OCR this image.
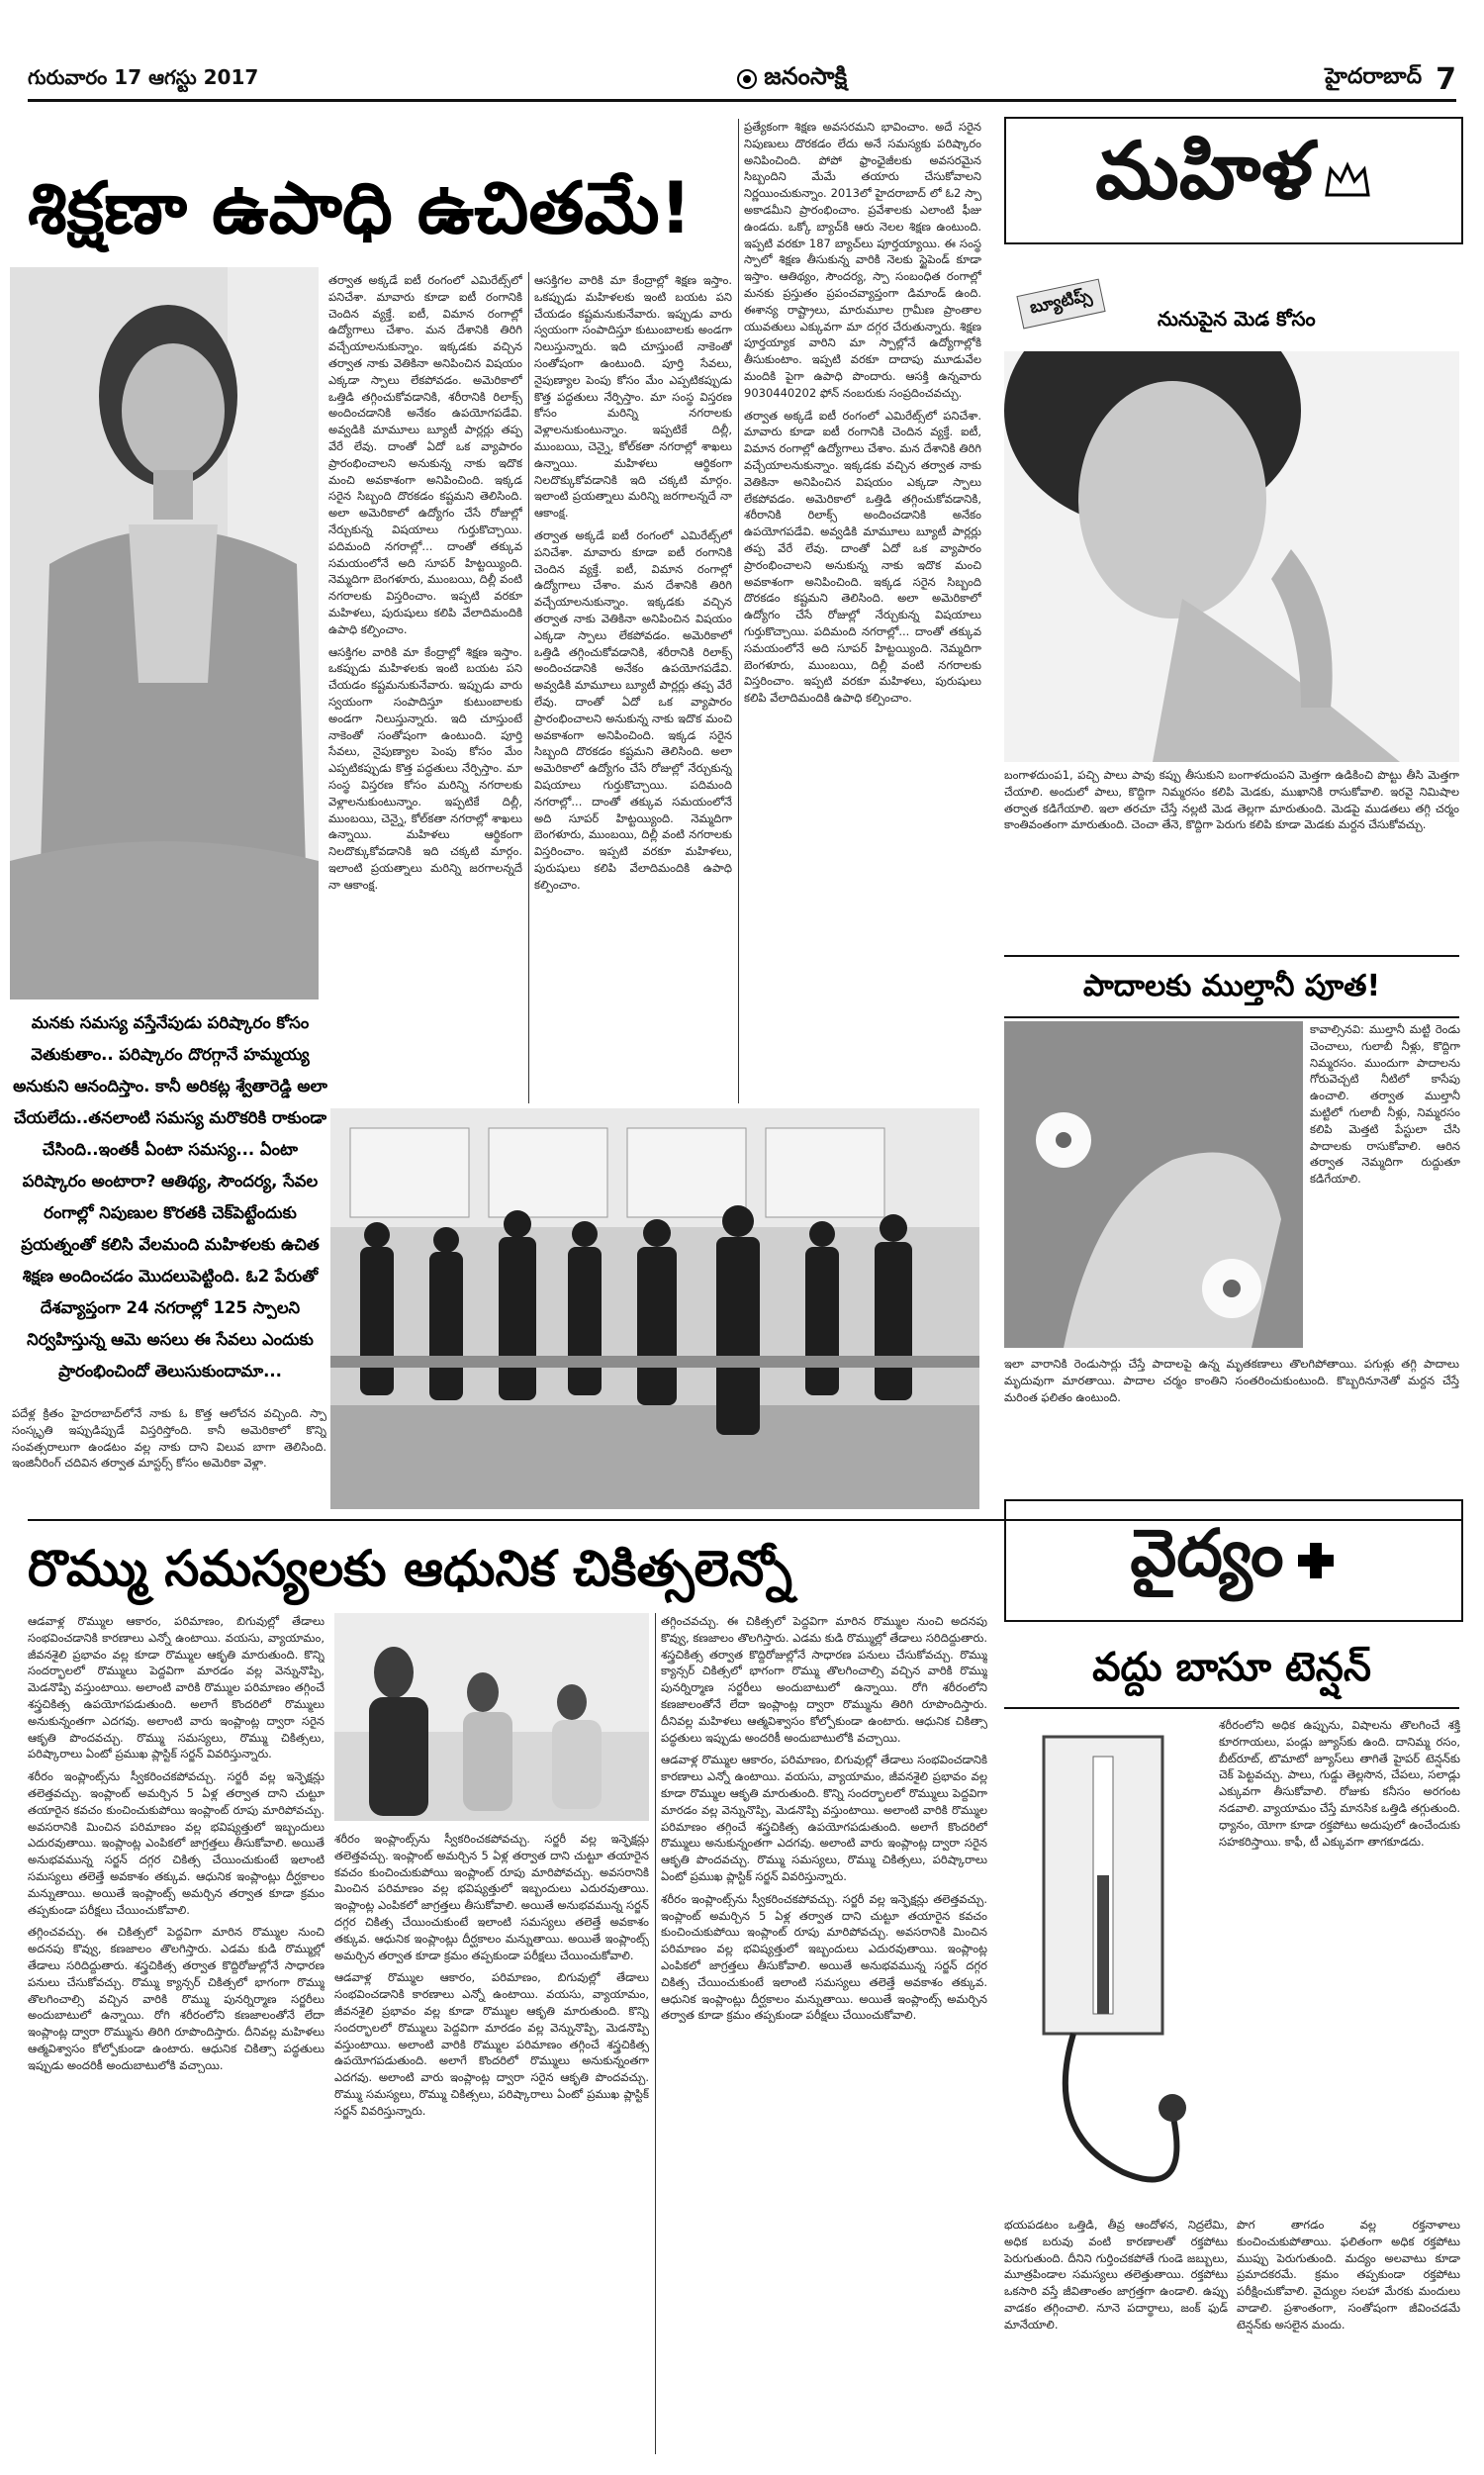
గురువారం 17 ఆగస్టు 2017	జనంసాక్షి	హైదరాబాద్ 7
శిక్షణా ఉపాధి ఉచితమే!

తర్వాత అక్కడే ఐటీ రంగంలో ఎమిరేట్స్‌లో పనిచేశా. మావారు కూడా ఐటీ రంగానికి చెందిన వ్యక్తే. ఐటీ, విమాన రంగాల్లో ఉద్యోగాలు చేశాం. మన దేశానికి తిరిగి వచ్చేయాలనుకున్నాం. ఇక్కడకు వచ్చిన తర్వాత నాకు వెతికినా అనిపించిన విషయం ఎక్కడా స్పాలు లేకపోవడం. అమెరికాలో ఒత్తిడి తగ్గించుకోవడానికి, శరీరానికి రిలాక్స్ అందించడానికి అనేకం ఉపయోగపడేవి. అవ్వడికి మామూలు బ్యూటీ పార్లర్లు తప్ప వేరే లేవు. దాంతో ఏదో ఒక వ్యాపారం ప్రారంభించాలని అనుకున్న నాకు ఇదొక మంచి అవకాశంగా అనిపించింది. ఇక్కడ సరైన సిబ్బంది దొరకడం కష్టమని తెలిసింది. అలా అమెరికాలో ఉద్యోగం చేసే రోజుల్లో నేర్చుకున్న విషయాలు గుర్తుకొచ్చాయి. పదిమంది నగరాల్లో... దాంతో తక్కువ సమయంలోనే అది సూపర్ హిట్టయ్యింది. నెమ్మదిగా బెంగళూరు, ముంబయి, దిల్లీ వంటి నగరాలకు విస్తరించాం. ఇప్పటి వరకూ మహిళలు, పురుషులు కలిపి వేలాదిమందికి ఉపాధి కల్పించాం.

ఆసక్తిగల వారికి మా కేంద్రాల్లో శిక్షణ ఇస్తాం. ఒకప్పుడు మహిళలకు ఇంటి బయట పని చేయడం కష్టమనుకునేవారు. ఇప్పుడు వారు స్వయంగా సంపాదిస్తూ కుటుంబాలకు అండగా నిలుస్తున్నారు. ఇది చూస్తుంటే నాకెంతో సంతోషంగా ఉంటుంది. పూర్తి సేవలు, నైపుణ్యాల పెంపు కోసం మేం ఎప్పటికప్పుడు కొత్త పద్ధతులు నేర్పిస్తాం. మా సంస్థ విస్తరణ కోసం మరిన్ని నగరాలకు వెళ్లాలనుకుంటున్నాం. ఇప్పటికే దిల్లీ, ముంబయి, చెన్నై, కోల్‌కతా నగరాల్లో శాఖలు ఉన్నాయి. మహిళలు ఆర్థికంగా నిలదొక్కుకోవడానికి ఇది చక్కటి మార్గం. ఇలాంటి ప్రయత్నాలు మరిన్ని జరగాలన్నదే నా ఆకాంక్ష.

ఆసక్తిగల వారికి మా కేంద్రాల్లో శిక్షణ ఇస్తాం. ఒకప్పుడు మహిళలకు ఇంటి బయట పని చేయడం కష్టమనుకునేవారు. ఇప్పుడు వారు స్వయంగా సంపాదిస్తూ కుటుంబాలకు అండగా నిలుస్తున్నారు. ఇది చూస్తుంటే నాకెంతో సంతోషంగా ఉంటుంది. పూర్తి సేవలు, నైపుణ్యాల పెంపు కోసం మేం ఎప్పటికప్పుడు కొత్త పద్ధతులు నేర్పిస్తాం. మా సంస్థ విస్తరణ కోసం మరిన్ని నగరాలకు వెళ్లాలనుకుంటున్నాం. ఇప్పటికే దిల్లీ, ముంబయి, చెన్నై, కోల్‌కతా నగరాల్లో శాఖలు ఉన్నాయి. మహిళలు ఆర్థికంగా నిలదొక్కుకోవడానికి ఇది చక్కటి మార్గం. ఇలాంటి ప్రయత్నాలు మరిన్ని జరగాలన్నదే నా ఆకాంక్ష.

తర్వాత అక్కడే ఐటీ రంగంలో ఎమిరేట్స్‌లో పనిచేశా. మావారు కూడా ఐటీ రంగానికి చెందిన వ్యక్తే. ఐటీ, విమాన రంగాల్లో ఉద్యోగాలు చేశాం. మన దేశానికి తిరిగి వచ్చేయాలనుకున్నాం. ఇక్కడకు వచ్చిన తర్వాత నాకు వెతికినా అనిపించిన విషయం ఎక్కడా స్పాలు లేకపోవడం. అమెరికాలో ఒత్తిడి తగ్గించుకోవడానికి, శరీరానికి రిలాక్స్ అందించడానికి అనేకం ఉపయోగపడేవి. అవ్వడికి మామూలు బ్యూటీ పార్లర్లు తప్ప వేరే లేవు. దాంతో ఏదో ఒక వ్యాపారం ప్రారంభించాలని అనుకున్న నాకు ఇదొక మంచి అవకాశంగా అనిపించింది. ఇక్కడ సరైన సిబ్బంది దొరకడం కష్టమని తెలిసింది. అలా అమెరికాలో ఉద్యోగం చేసే రోజుల్లో నేర్చుకున్న విషయాలు గుర్తుకొచ్చాయి. పదిమంది నగరాల్లో... దాంతో తక్కువ సమయంలోనే అది సూపర్ హిట్టయ్యింది. నెమ్మదిగా బెంగళూరు, ముంబయి, దిల్లీ వంటి నగరాలకు విస్తరించాం. ఇప్పటి వరకూ మహిళలు, పురుషులు కలిపి వేలాదిమందికి ఉపాధి కల్పించాం.

ప్రత్యేకంగా శిక్షణ అవసరమని భావించాం. అదే సరైన నిపుణులు దొరకడం లేదు అనే సమస్యకు పరిష్కారం అనిపించింది. పోపో ఫ్రాంఛైజీలకు అవసరమైన సిబ్బందిని మేమే తయారు చేసుకోవాలని నిర్ణయించుకున్నాం. 2013లో హైదరాబాద్ లో ఓ2 స్పా అకాడమీని ప్రారంభించాం. ప్రవేశాలకు ఎలాంటి ఫీజు ఉండదు. ఒక్కో బ్యాచ్‌కి ఆరు నెలల శిక్షణ ఉంటుంది. ఇప్పటి వరకూ 187 బ్యాచ్‌లు పూర్తయ్యాయి. ఈ సంస్థ స్పాలో శిక్షణ తీసుకున్న వారికి నెలకు స్టైపెండ్ కూడా ఇస్తాం. ఆతిథ్యం, సౌందర్య, స్పా సంబంధిత రంగాల్లో మనకు ప్రస్తుతం ప్రపంచవ్యాప్తంగా డిమాండ్ ఉంది. ఈశాన్య రాష్ట్రాలు, మారుమూల గ్రామీణ ప్రాంతాల యువతులు ఎక్కువగా మా దగ్గర చేరుతున్నారు. శిక్షణ పూర్తయ్యాక వారిని మా స్పాల్లోనే ఉద్యోగాల్లోకి తీసుకుంటాం. ఇప్పటి వరకూ దాదాపు మూడువేల మందికి పైగా ఉపాధి పొందారు. ఆసక్తి ఉన్నవారు 9030440202 ఫోన్ నంబరుకు సంప్రదించవచ్చు.

తర్వాత అక్కడే ఐటీ రంగంలో ఎమిరేట్స్‌లో పనిచేశా. మావారు కూడా ఐటీ రంగానికి చెందిన వ్యక్తే. ఐటీ, విమాన రంగాల్లో ఉద్యోగాలు చేశాం. మన దేశానికి తిరిగి వచ్చేయాలనుకున్నాం. ఇక్కడకు వచ్చిన తర్వాత నాకు వెతికినా అనిపించిన విషయం ఎక్కడా స్పాలు లేకపోవడం. అమెరికాలో ఒత్తిడి తగ్గించుకోవడానికి, శరీరానికి రిలాక్స్ అందించడానికి అనేకం ఉపయోగపడేవి. అవ్వడికి మామూలు బ్యూటీ పార్లర్లు తప్ప వేరే లేవు. దాంతో ఏదో ఒక వ్యాపారం ప్రారంభించాలని అనుకున్న నాకు ఇదొక మంచి అవకాశంగా అనిపించింది. ఇక్కడ సరైన సిబ్బంది దొరకడం కష్టమని తెలిసింది. అలా అమెరికాలో ఉద్యోగం చేసే రోజుల్లో నేర్చుకున్న విషయాలు గుర్తుకొచ్చాయి. పదిమంది నగరాల్లో... దాంతో తక్కువ సమయంలోనే అది సూపర్ హిట్టయ్యింది. నెమ్మదిగా బెంగళూరు, ముంబయి, దిల్లీ వంటి నగరాలకు విస్తరించాం. ఇప్పటి వరకూ మహిళలు, పురుషులు కలిపి వేలాదిమందికి ఉపాధి కల్పించాం.

మనకు సమస్య వస్తేనేపుడు పరిష్కారం కోసం వెతుకుతాం.. పరిష్కారం దొరగ్గానే హమ్మయ్య అనుకుని ఆనందిస్తాం. కానీ అరికట్ల శ్వేతారెడ్డి అలా చేయలేదు..తనలాంటి సమస్య మరొకరికి రాకుండా చేసింది..ఇంతకీ ఏంటా సమస్య... ఏంటా పరిష్కారం అంటారా? ఆతిథ్య, సౌందర్య, సేవల రంగాల్లో నిపుణుల కొరతకి చెక్‌పెట్టేందుకు ప్రయత్నంతో కలిసి వేలమంది మహిళలకు ఉచిత శిక్షణ అందించడం మొదలుపెట్టింది. ఓ2 పేరుతో దేశవ్యాప్తంగా 24 నగరాల్లో 125 స్పాలని నిర్వహిస్తున్న ఆమె అసలు ఈ సేవలు ఎందుకు ప్రారంభించిందో తెలుసుకుందామా...
పదేళ్ల క్రితం హైదరాబాద్‌లోనే నాకు ఓ కొత్త ఆలోచన వచ్చింది. స్పా సంస్కృతి ఇప్పుడిప్పుడే విస్తరిస్తోంది. కానీ అమెరికాలో కొన్ని సంవత్సరాలుగా ఉండటం వల్ల నాకు దాని విలువ బాగా తెలిసింది. ఇంజినీరింగ్ చదివిన తర్వాత మాస్టర్స్ కోసం అమెరికా వెళ్లా.
మహిళ
బ్యూటిప్స్
నునుపైన మెడ కోసం
బంగాళదుంప1, పచ్చి పాలు పావు కప్పు తీసుకుని బంగాళదుంపని మెత్తగా ఉడికించి పొట్టు తీసి మెత్తగా చేయాలి. అందులో పాలు, కొద్దిగా నిమ్మరసం కలిపి మెడకు, ముఖానికి రాసుకోవాలి. ఇరవై నిమిషాల తర్వాత కడిగేయాలి. ఇలా తరచూ చేస్తే నల్లటి మెడ తెల్లగా మారుతుంది. మెడపై ముడతలు తగ్గి చర్మం కాంతివంతంగా మారుతుంది. చెంచా తేనె, కొద్దిగా పెరుగు కలిపి కూడా మెడకు మర్దన చేసుకోవచ్చు.
పాదాలకు ముల్తానీ పూత!
కావాల్సినవి: ముల్తానీ మట్టి రెండు చెంచాలు, గులాబీ నీళ్లు, కొద్దిగా నిమ్మరసం. ముందుగా పాదాలను గోరువెచ్చటి నీటిలో కాసేపు ఉంచాలి. తర్వాత ముల్తానీ మట్టిలో గులాబీ నీళ్లు, నిమ్మరసం కలిపి మెత్తటి పేస్టులా చేసి పాదాలకు రాసుకోవాలి. ఆరిన తర్వాత నెమ్మదిగా రుద్దుతూ కడిగేయాలి.
ఇలా వారానికి రెండుసార్లు చేస్తే పాదాలపై ఉన్న మృతకణాలు తొలగిపోతాయి. పగుళ్లు తగ్గి పాదాలు మృదువుగా మారతాయి. పాదాల చర్మం కాంతిని సంతరించుకుంటుంది. కొబ్బరినూనెతో మర్దన చేస్తే మరింత ఫలితం ఉంటుంది.
రొమ్ము సమస్యలకు ఆధునిక చికిత్సలెన్నో

ఆడవాళ్ల రొమ్ముల ఆకారం, పరిమాణం, బిగువుల్లో తేడాలు సంభవించడానికి కారణాలు ఎన్నో ఉంటాయి. వయసు, వ్యాయామం, జీవనశైలి ప్రభావం వల్ల కూడా రొమ్ముల ఆకృతి మారుతుంది. కొన్ని సందర్భాలలో రొమ్ములు పెద్దవిగా మారడం వల్ల వెన్నునొప్పి, మెడనొప్పి వస్తుంటాయి. అలాంటి వారికి రొమ్ముల పరిమాణం తగ్గించే శస్త్రచికిత్స ఉపయోగపడుతుంది. అలాగే కొందరిలో రొమ్ములు అనుకున్నంతగా ఎదగవు. అలాంటి వారు ఇంప్లాంట్ల ద్వారా సరైన ఆకృతి పొందవచ్చు. రొమ్ము సమస్యలు, రొమ్ము చికిత్సలు, పరిష్కారాలు ఏంటో ప్రముఖ ప్లాస్టిక్ సర్జన్ వివరిస్తున్నారు.

శరీరం ఇంప్లాంట్స్‌ను స్వీకరించకపోవచ్చు. సర్జరీ వల్ల ఇన్ఫెక్షన్లు తలెత్తవచ్చు. ఇంప్లాంట్ అమర్చిన 5 ఏళ్ల తర్వాత దాని చుట్టూ తయారైన కవచం కుంచించుకుపోయి ఇంప్లాంట్ రూపు మారిపోవచ్చు. అవసరానికి మించిన పరిమాణం వల్ల భవిష్యత్తులో ఇబ్బందులు ఎదురవుతాయి. ఇంప్లాంట్ల ఎంపికలో జాగ్రత్తలు తీసుకోవాలి. అయితే అనుభవమున్న సర్జన్ దగ్గర చికిత్స చేయించుకుంటే ఇలాంటి సమస్యలు తలెత్తే అవకాశం తక్కువ. ఆధునిక ఇంప్లాంట్లు దీర్ఘకాలం మన్నుతాయి. అయితే ఇంప్లాంట్స్ అమర్చిన తర్వాత కూడా క్రమం తప్పకుండా పరీక్షలు చేయించుకోవాలి.

తగ్గించవచ్చు. ఈ చికిత్సలో పెద్దవిగా మారిన రొమ్ముల నుంచి అదనపు కొవ్వు, కణజాలం తొలగిస్తారు. ఎడమ కుడి రొమ్ముల్లో తేడాలు సరిదిద్దుతారు. శస్త్రచికిత్స తర్వాత కొద్దిరోజుల్లోనే సాధారణ పనులు చేసుకోవచ్చు. రొమ్ము క్యాన్సర్ చికిత్సలో భాగంగా రొమ్ము తొలగించాల్సి వచ్చిన వారికి రొమ్ము పునర్నిర్మాణ సర్జరీలు అందుబాటులో ఉన్నాయి. రోగి శరీరంలోని కణజాలంతోనే లేదా ఇంప్లాంట్ల ద్వారా రొమ్మును తిరిగి రూపొందిస్తారు. దీనివల్ల మహిళలు ఆత్మవిశ్వాసం కోల్పోకుండా ఉంటారు. ఆధునిక చికిత్సా పద్ధతులు ఇప్పుడు అందరికీ అందుబాటులోకి వచ్చాయి.

శరీరం ఇంప్లాంట్స్‌ను స్వీకరించకపోవచ్చు. సర్జరీ వల్ల ఇన్ఫెక్షన్లు తలెత్తవచ్చు. ఇంప్లాంట్ అమర్చిన 5 ఏళ్ల తర్వాత దాని చుట్టూ తయారైన కవచం కుంచించుకుపోయి ఇంప్లాంట్ రూపు మారిపోవచ్చు. అవసరానికి మించిన పరిమాణం వల్ల భవిష్యత్తులో ఇబ్బందులు ఎదురవుతాయి. ఇంప్లాంట్ల ఎంపికలో జాగ్రత్తలు తీసుకోవాలి. అయితే అనుభవమున్న సర్జన్ దగ్గర చికిత్స చేయించుకుంటే ఇలాంటి సమస్యలు తలెత్తే అవకాశం తక్కువ. ఆధునిక ఇంప్లాంట్లు దీర్ఘకాలం మన్నుతాయి. అయితే ఇంప్లాంట్స్ అమర్చిన తర్వాత కూడా క్రమం తప్పకుండా పరీక్షలు చేయించుకోవాలి.

ఆడవాళ్ల రొమ్ముల ఆకారం, పరిమాణం, బిగువుల్లో తేడాలు సంభవించడానికి కారణాలు ఎన్నో ఉంటాయి. వయసు, వ్యాయామం, జీవనశైలి ప్రభావం వల్ల కూడా రొమ్ముల ఆకృతి మారుతుంది. కొన్ని సందర్భాలలో రొమ్ములు పెద్దవిగా మారడం వల్ల వెన్నునొప్పి, మెడనొప్పి వస్తుంటాయి. అలాంటి వారికి రొమ్ముల పరిమాణం తగ్గించే శస్త్రచికిత్స ఉపయోగపడుతుంది. అలాగే కొందరిలో రొమ్ములు అనుకున్నంతగా ఎదగవు. అలాంటి వారు ఇంప్లాంట్ల ద్వారా సరైన ఆకృతి పొందవచ్చు. రొమ్ము సమస్యలు, రొమ్ము చికిత్సలు, పరిష్కారాలు ఏంటో ప్రముఖ ప్లాస్టిక్ సర్జన్ వివరిస్తున్నారు.

తగ్గించవచ్చు. ఈ చికిత్సలో పెద్దవిగా మారిన రొమ్ముల నుంచి అదనపు కొవ్వు, కణజాలం తొలగిస్తారు. ఎడమ కుడి రొమ్ముల్లో తేడాలు సరిదిద్దుతారు. శస్త్రచికిత్స తర్వాత కొద్దిరోజుల్లోనే సాధారణ పనులు చేసుకోవచ్చు. రొమ్ము క్యాన్సర్ చికిత్సలో భాగంగా రొమ్ము తొలగించాల్సి వచ్చిన వారికి రొమ్ము పునర్నిర్మాణ సర్జరీలు అందుబాటులో ఉన్నాయి. రోగి శరీరంలోని కణజాలంతోనే లేదా ఇంప్లాంట్ల ద్వారా రొమ్మును తిరిగి రూపొందిస్తారు. దీనివల్ల మహిళలు ఆత్మవిశ్వాసం కోల్పోకుండా ఉంటారు. ఆధునిక చికిత్సా పద్ధతులు ఇప్పుడు అందరికీ అందుబాటులోకి వచ్చాయి.

ఆడవాళ్ల రొమ్ముల ఆకారం, పరిమాణం, బిగువుల్లో తేడాలు సంభవించడానికి కారణాలు ఎన్నో ఉంటాయి. వయసు, వ్యాయామం, జీవనశైలి ప్రభావం వల్ల కూడా రొమ్ముల ఆకృతి మారుతుంది. కొన్ని సందర్భాలలో రొమ్ములు పెద్దవిగా మారడం వల్ల వెన్నునొప్పి, మెడనొప్పి వస్తుంటాయి. అలాంటి వారికి రొమ్ముల పరిమాణం తగ్గించే శస్త్రచికిత్స ఉపయోగపడుతుంది. అలాగే కొందరిలో రొమ్ములు అనుకున్నంతగా ఎదగవు. అలాంటి వారు ఇంప్లాంట్ల ద్వారా సరైన ఆకృతి పొందవచ్చు. రొమ్ము సమస్యలు, రొమ్ము చికిత్సలు, పరిష్కారాలు ఏంటో ప్రముఖ ప్లాస్టిక్ సర్జన్ వివరిస్తున్నారు.

శరీరం ఇంప్లాంట్స్‌ను స్వీకరించకపోవచ్చు. సర్జరీ వల్ల ఇన్ఫెక్షన్లు తలెత్తవచ్చు. ఇంప్లాంట్ అమర్చిన 5 ఏళ్ల తర్వాత దాని చుట్టూ తయారైన కవచం కుంచించుకుపోయి ఇంప్లాంట్ రూపు మారిపోవచ్చు. అవసరానికి మించిన పరిమాణం వల్ల భవిష్యత్తులో ఇబ్బందులు ఎదురవుతాయి. ఇంప్లాంట్ల ఎంపికలో జాగ్రత్తలు తీసుకోవాలి. అయితే అనుభవమున్న సర్జన్ దగ్గర చికిత్స చేయించుకుంటే ఇలాంటి సమస్యలు తలెత్తే అవకాశం తక్కువ. ఆధునిక ఇంప్లాంట్లు దీర్ఘకాలం మన్నుతాయి. అయితే ఇంప్లాంట్స్ అమర్చిన తర్వాత కూడా క్రమం తప్పకుండా పరీక్షలు చేయించుకోవాలి.

వైద్యం
వద్దు బాసూ టెన్షన్
శరీరంలోని అధిక ఉప్పును, విషాలను తొలగించే శక్తి కూరగాయలు, పండ్లు జ్యూస్‌కు ఉంది. దానిమ్మ రసం, బీట్‌రూట్, టొమాటో జ్యూస్‌లు తాగితే హైపర్ టెన్షన్‌కు చెక్ పెట్టవచ్చు. పాలు, గుడ్డు తెల్లసొన, చేపలు, సలాడ్లు ఎక్కువగా తీసుకోవాలి. రోజుకు కనీసం అరగంట నడవాలి. వ్యాయామం చేస్తే మానసిక ఒత్తిడి తగ్గుతుంది. ధ్యానం, యోగా కూడా రక్తపోటు అదుపులో ఉంచేందుకు సహకరిస్తాయి. కాఫీ, టీ ఎక్కువగా తాగకూడదు.
భయపడటం ఒత్తిడి, తీవ్ర ఆందోళన, నిద్రలేమి, అధిక బరువు వంటి కారణాలతో రక్తపోటు పెరుగుతుంది. దీనిని గుర్తించకపోతే గుండె జబ్బులు, మూత్రపిండాల సమస్యలు తలెత్తుతాయి. రక్తపోటు ఒకసారి వస్తే జీవితాంతం జాగ్రత్తగా ఉండాలి. ఉప్పు వాడకం తగ్గించాలి. నూనె పదార్థాలు, జంక్ ఫుడ్ మానేయాలి.
పొగ తాగడం వల్ల రక్తనాళాలు కుంచించుకుపోతాయి. ఫలితంగా అధిక రక్తపోటు ముప్పు పెరుగుతుంది. మద్యం అలవాటు కూడా ప్రమాదకరమే. క్రమం తప్పకుండా రక్తపోటు పరీక్షించుకోవాలి. వైద్యుల సలహా మేరకు మందులు వాడాలి. ప్రశాంతంగా, సంతోషంగా జీవించడమే టెన్షన్‌కు అసలైన మందు.
